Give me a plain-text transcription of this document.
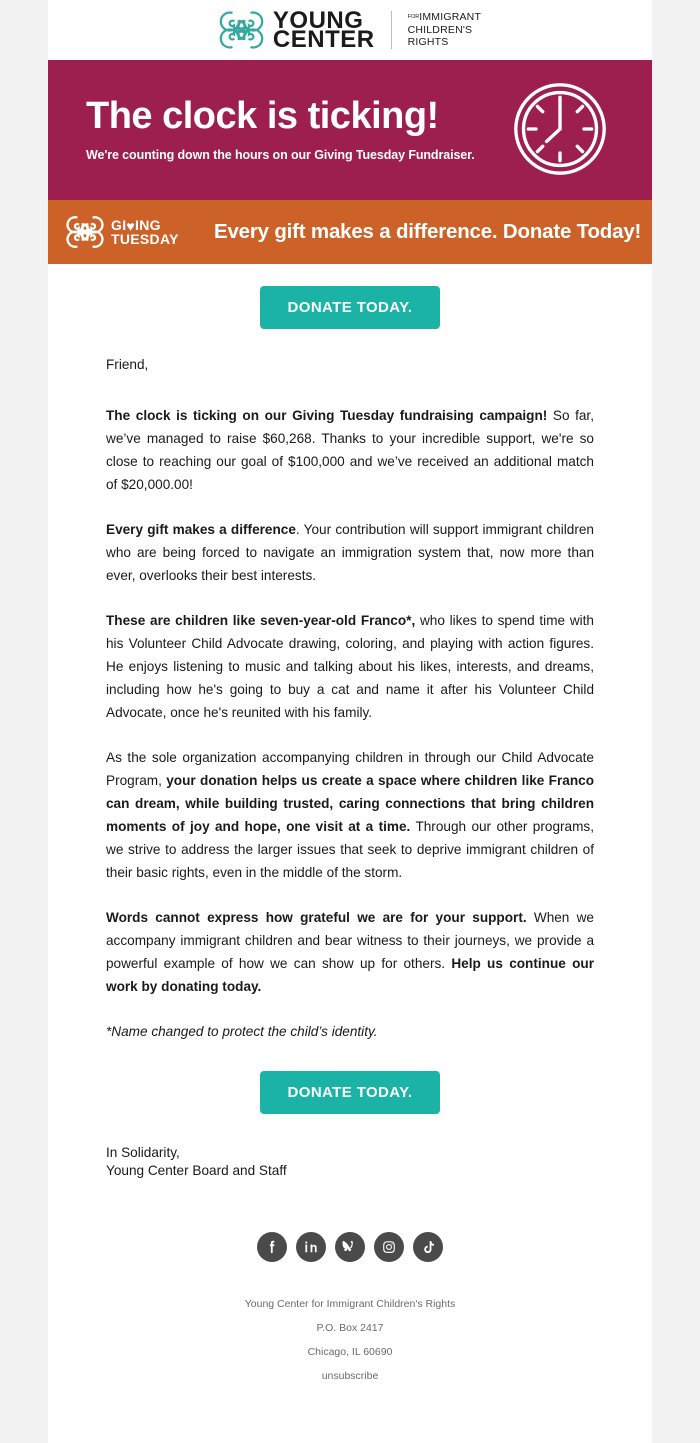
YOUNG
CENTER
FORIMMIGRANT
CHILDREN'S
RIGHTS
The clock is ticking!
We're counting down the hours on our Giving Tuesday Fundraiser.
GI♥ING
TUESDAY Every gift makes a difference. Donate Today!
DONATE TODAY.

Friend,

The clock is ticking on our Giving Tuesday fundraising campaign! So far, we’ve managed to raise $60,268. Thanks to your incredible support, we're so close to reaching our goal of $100,000 and we’ve received an additional match of $20,000.00!

Every gift makes a difference. Your contribution will support immigrant children who are being forced to navigate an immigration system that, now more than ever, overlooks their best interests.

These are children like seven-year-old Franco*, who likes to spend time with his Volunteer Child Advocate drawing, coloring, and playing with action figures. He enjoys listening to music and talking about his likes, interests, and dreams, including how he's going to buy a cat and name it after his Volunteer Child Advocate, once he's reunited with his family.

As the sole organization accompanying children in through our Child Advocate Program, your donation helps us create a space where children like Franco can dream, while building trusted, caring connections that bring children moments of joy and hope, one visit at a time. Through our other programs, we strive to address the larger issues that seek to deprive immigrant children of their basic rights, even in the middle of the storm.

Words cannot express how grateful we are for your support. When we accompany immigrant children and bear witness to their journeys, we provide a powerful example of how we can show up for others. Help us continue our work by donating today.

*Name changed to protect the child’s identity.

DONATE TODAY.
In Solidarity,
Young Center Board and Staff
Young Center for Immigrant Children's Rights
P.O. Box 2417
Chicago, IL 60690
unsubscribe
